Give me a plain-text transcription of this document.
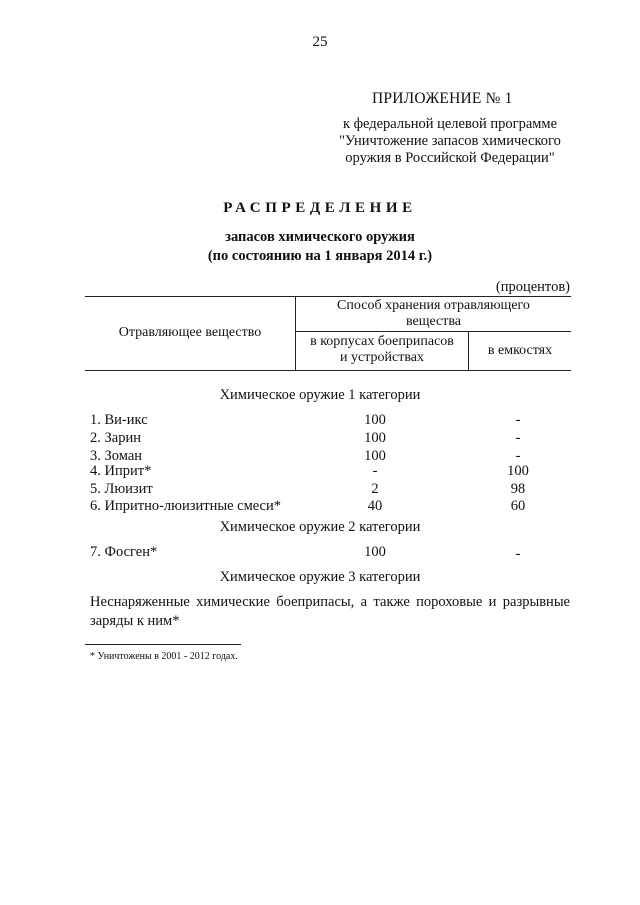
25
ПРИЛОЖЕНИЕ № 1
к федеральной целевой программе
"Уничтожение запасов химического
оружия в Российской Федерации"
РАСПРЕДЕЛЕНИЕ
запасов химического оружия
(по состоянию на 1 января 2014 г.)
(процентов)
Отравляющее вещество
Способ хранения отравляющего
вещества
в корпусах боеприпасов
и устройствах	в емкостях
Химическое оружие 1 категории
1. Ви-икс	100	-
2. Зарин	100	-
3. Зоман	100	-
4. Иприт*	-	100
5. Люизит	2	98
6. Ипритно-люизитные смеси*	40	60
Химическое оружие 2 категории
7. Фосген*	100	-
Химическое оружие 3 категории
Неснаряженные химические боеприпасы, а также пороховые и разрывные заряды к ним*
* Уничтожены в 2001 - 2012 годах.
